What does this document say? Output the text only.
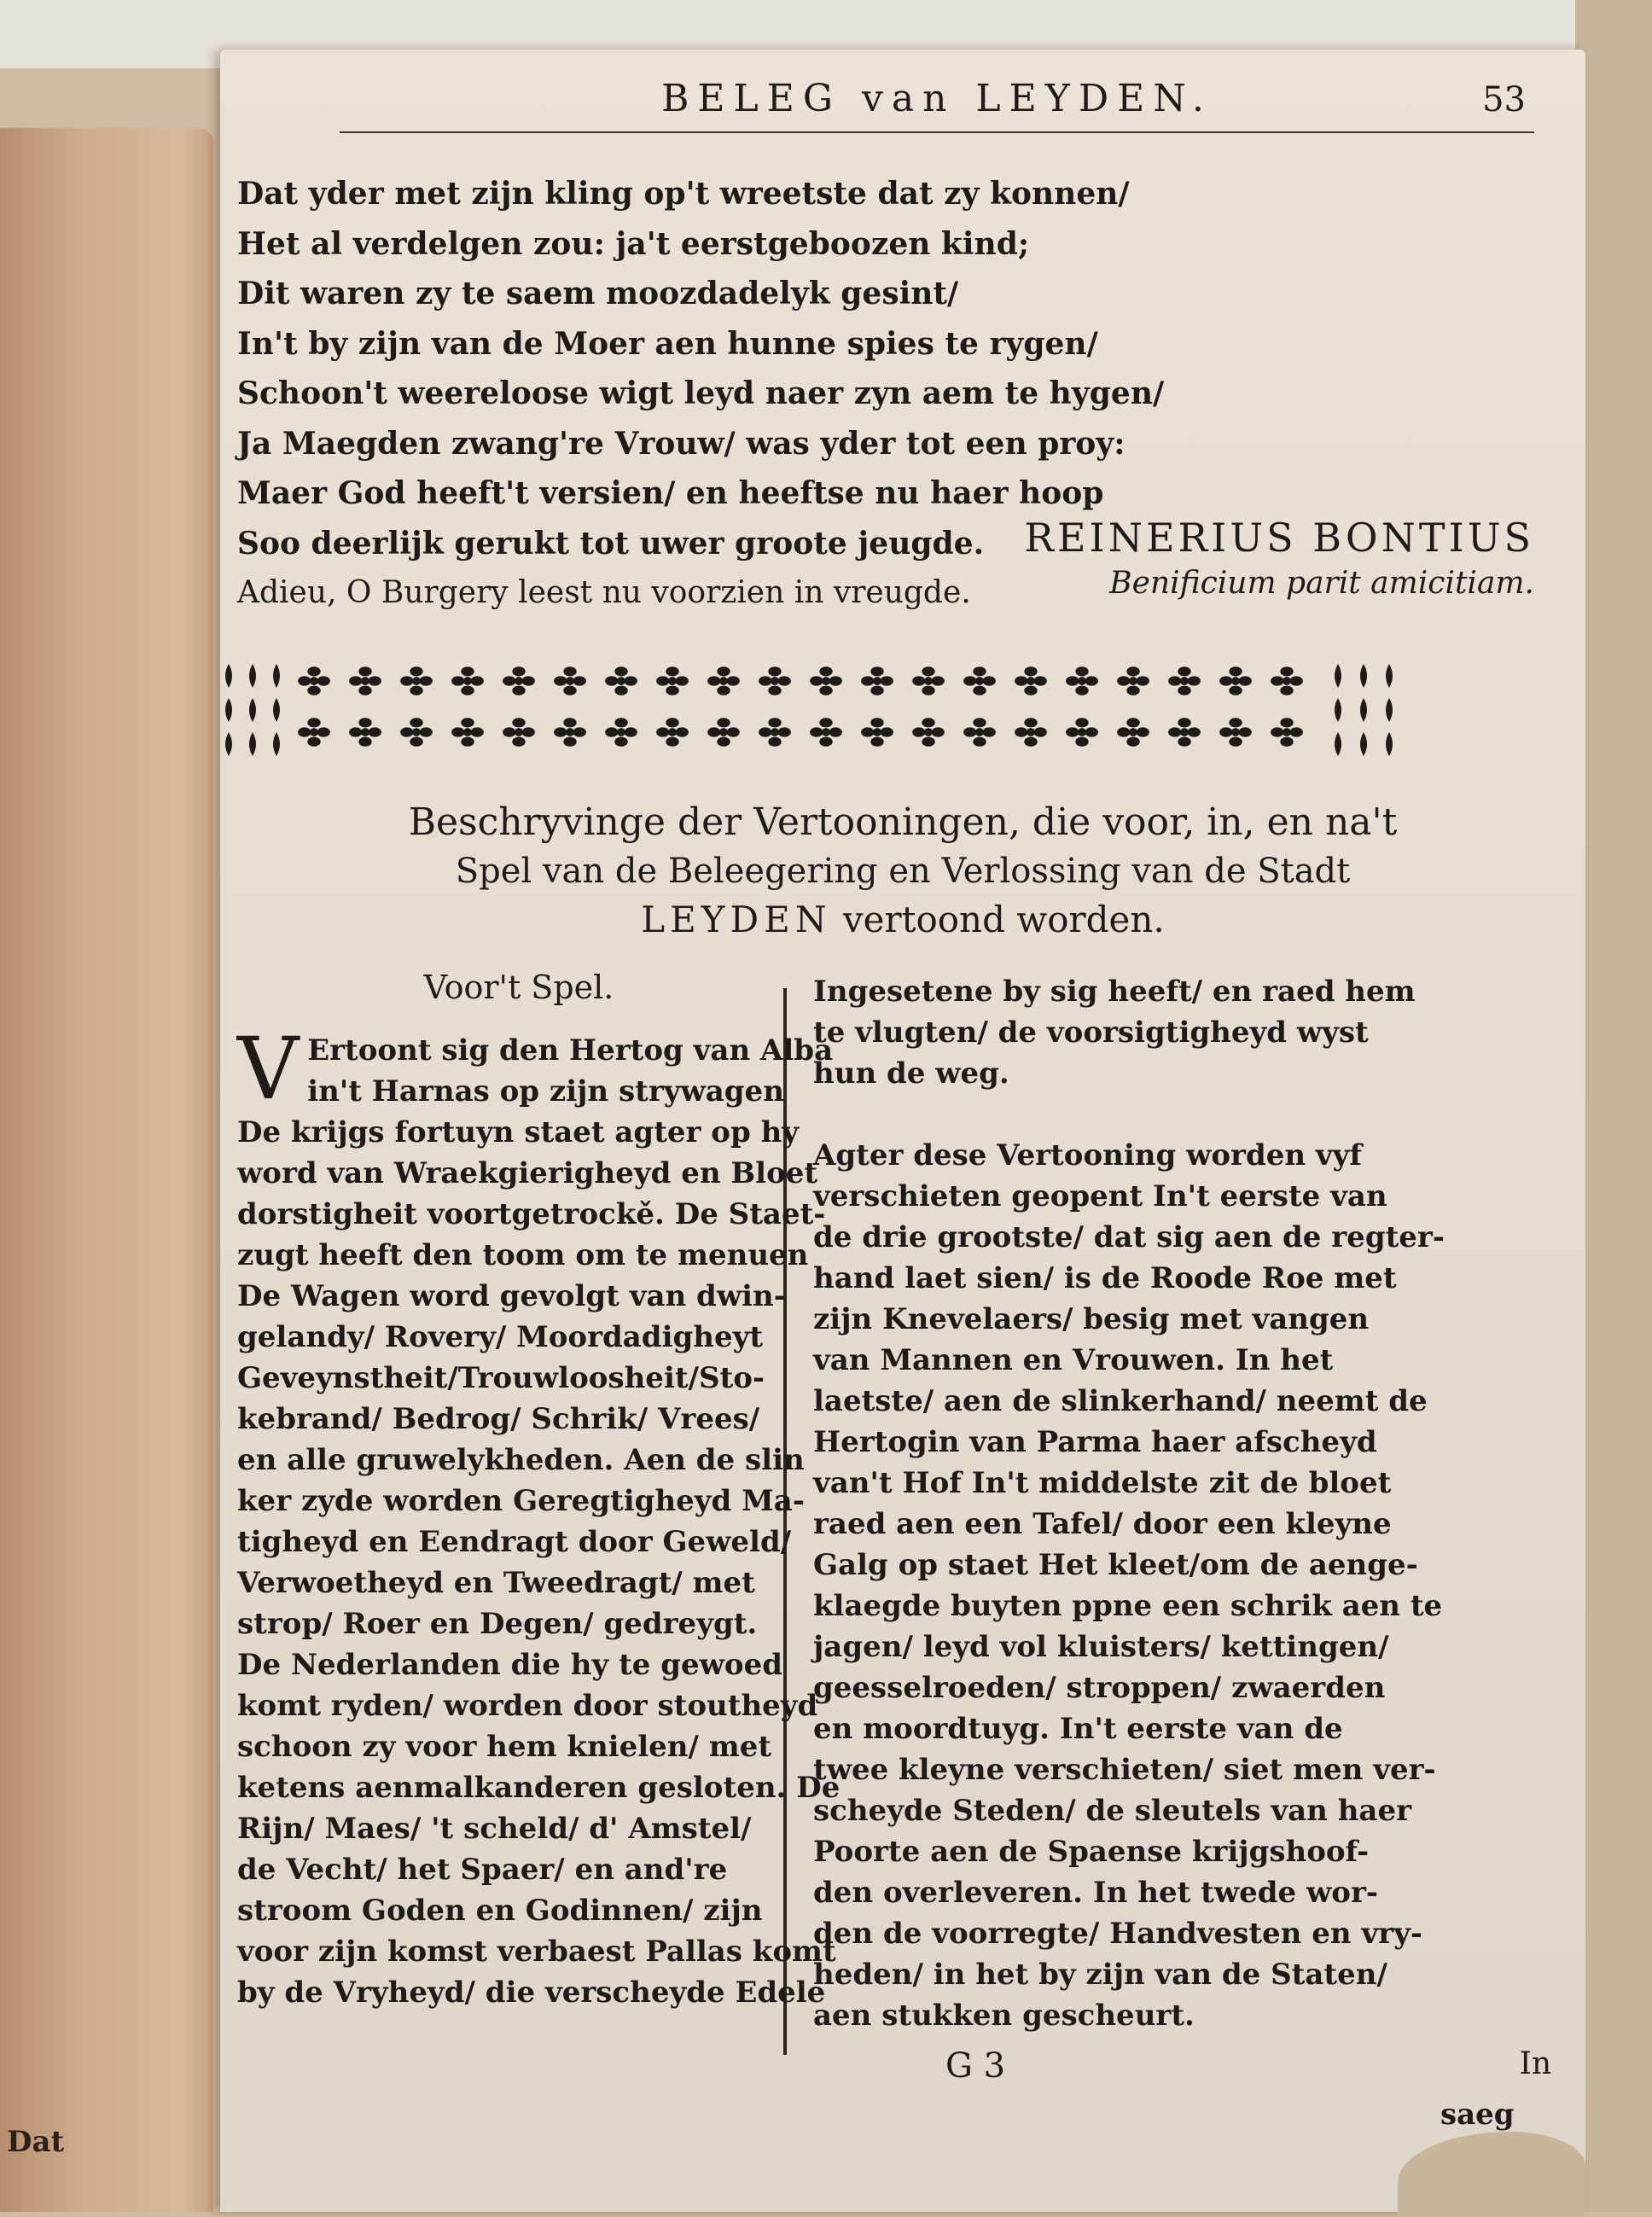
Dat
BELEG van LEYDEN.	53
Dat yder met zijn kling op't wreetste dat zy konnen/
Het al verdelgen zou: ja't eerstgeboozen kind;
Dit waren zy te saem moozdadelyk gesint/
In't by zijn van de Moer aen hunne spies te rygen/
Schoon't weereloose wigt leyd naer zyn aem te hygen/
Ja Maegden zwang're Vrouw/ was yder tot een proy:
Maer God heeft't versien/ en heeftse nu haer hoop
Soo deerlijk gerukt tot uwer groote jeugde.
Adieu, O Burgery leest nu voorzien in vreugde.
REINERIUS BONTIUS
Benificium parit amicitiam.
Beschryvinge der Vertooningen, die voor, in, en na't
Spel van de Beleegering en Verlossing van de Stadt
LEYDEN vertoond worden.
Voor't Spel.
V Ertoont sig den Hertog van Alba
in't Harnas op zijn strywagen
De krijgs fortuyn staet agter op hy
word van Wraekgierigheyd en Bloet
dorstigheit voortgetrockě. De Staet-
zugt heeft den toom om te menuen
De Wagen word gevolgt van dwin-
gelandy/ Rovery/ Moordadigheyt
Geveynstheit/Trouwloosheit/Sto-
kebrand/ Bedrog/ Schrik/ Vrees/
en alle gruwelykheden. Aen de slin
ker zyde worden Geregtigheyd Ma-
tigheyd en Eendragt door Geweld/
Verwoetheyd en Tweedragt/ met
strop/ Roer en Degen/ gedreygt.
De Nederlanden die hy te gewoed
komt ryden/ worden door stoutheyd
schoon zy voor hem knielen/ met
ketens aenmalkanderen gesloten. De
Rijn/ Maes/ 't scheld/ d' Amstel/
de Vecht/ het Spaer/ en and're
stroom Goden en Godinnen/ zijn
voor zijn komst verbaest Pallas komt
by de Vryheyd/ die verscheyde Edele
Ingesetene by sig heeft/ en raed hem
te vlugten/ de voorsigtigheyd wyst
hun de weg.
Agter dese Vertooning worden vyf
verschieten geopent In't eerste van
de drie grootste/ dat sig aen de regter-
hand laet sien/ is de Roode Roe met
zijn Knevelaers/ besig met vangen
van Mannen en Vrouwen. In het
laetste/ aen de slinkerhand/ neemt de
Hertogin van Parma haer afscheyd
van't Hof In't middelste zit de bloet
raed aen een Tafel/ door een kleyne
Galg op staet Het kleet/om de aenge-
klaegde buyten ppne een schrik aen te
jagen/ leyd vol kluisters/ kettingen/
geesselroeden/ stroppen/ zwaerden
en moordtuyg. In't eerste van de
twee kleyne verschieten/ siet men ver-
scheyde Steden/ de sleutels van haer
Poorte aen de Spaense krijgshoof-
den overleveren. In het twede wor-
den de voorregte/ Handvesten en vry-
heden/ in het by zijn van de Staten/
aen stukken gescheurt.
G 3	In
saeg
